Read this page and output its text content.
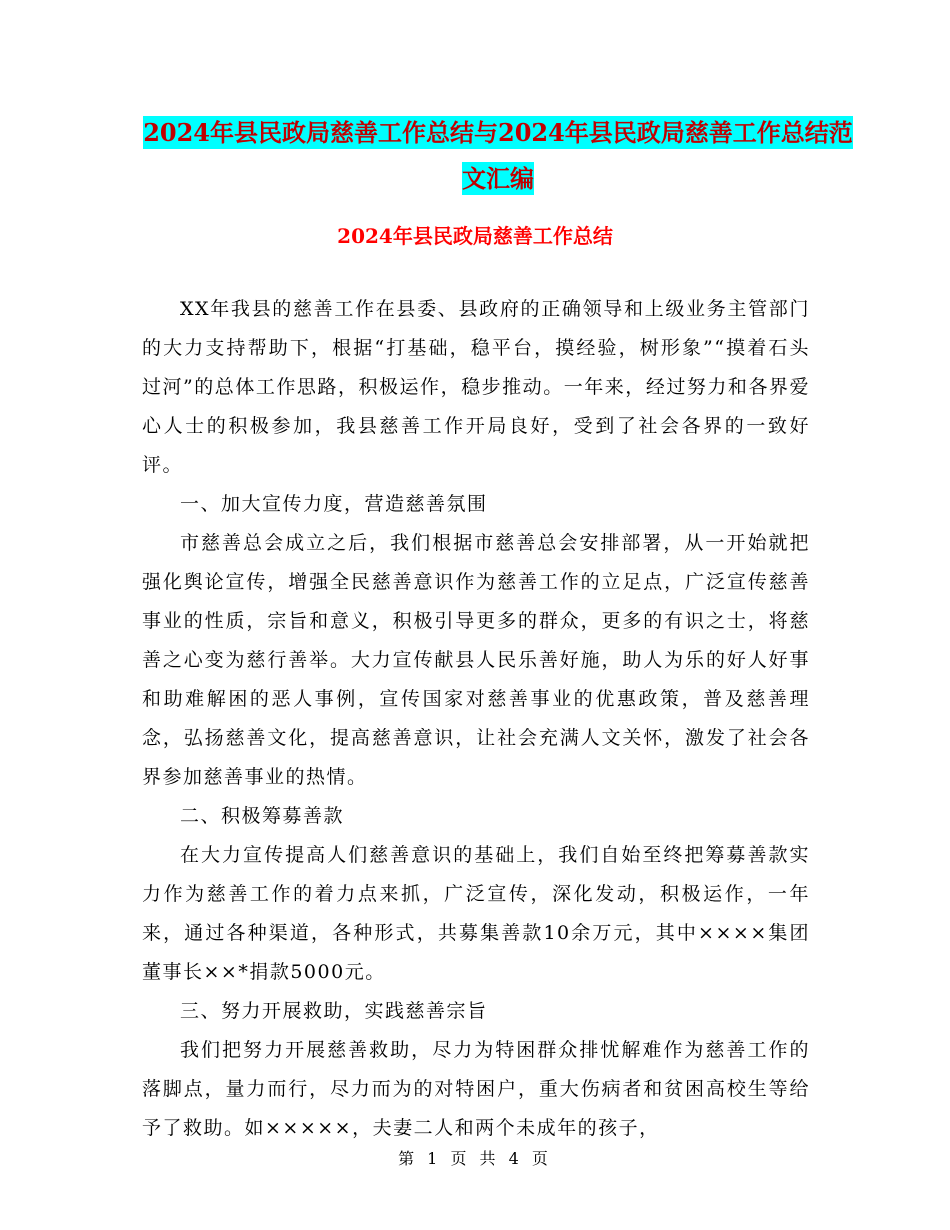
2024年县民政局慈善工作总结与2024年县民政局慈善工作总结范文汇编
2024年县民政局慈善工作总结

XX年我县的慈善工作在县委、县政府的正确领导和上级业务主管部门的大力支持帮助下，根据“打基础，稳平台，摸经验，树形象”“摸着石头过河”的总体工作思路，积极运作，稳步推动。一年来，经过努力和各界爱心人士的积极参加，我县慈善工作开局良好，受到了社会各界的一致好评。

一、加大宣传力度，营造慈善氛围

市慈善总会成立之后，我们根据市慈善总会安排部署，从一开始就把强化舆论宣传，增强全民慈善意识作为慈善工作的立足点，广泛宣传慈善事业的性质，宗旨和意义，积极引导更多的群众，更多的有识之士，将慈善之心变为慈行善举。大力宣传献县人民乐善好施，助人为乐的好人好事和助难解困的恶人事例，宣传国家对慈善事业的优惠政策，普及慈善理念，弘扬慈善文化，提高慈善意识，让社会充满人文关怀，激发了社会各界参加慈善事业的热情。

二、积极筹募善款

在大力宣传提高人们慈善意识的基础上，我们自始至终把筹募善款实力作为慈善工作的着力点来抓，广泛宣传，深化发动，积极运作，一年来，通过各种渠道，各种形式，共募集善款10余万元，其中××××集团董事长××*捐款5000元。

三、努力开展救助，实践慈善宗旨

我们把努力开展慈善救助，尽力为特困群众排忧解难作为慈善工作的落脚点，量力而行，尽力而为的对特困户，重大伤病者和贫困高校生等给予了救助。如×××××，夫妻二人和两个未成年的孩子，

第 1 页 共 4 页
